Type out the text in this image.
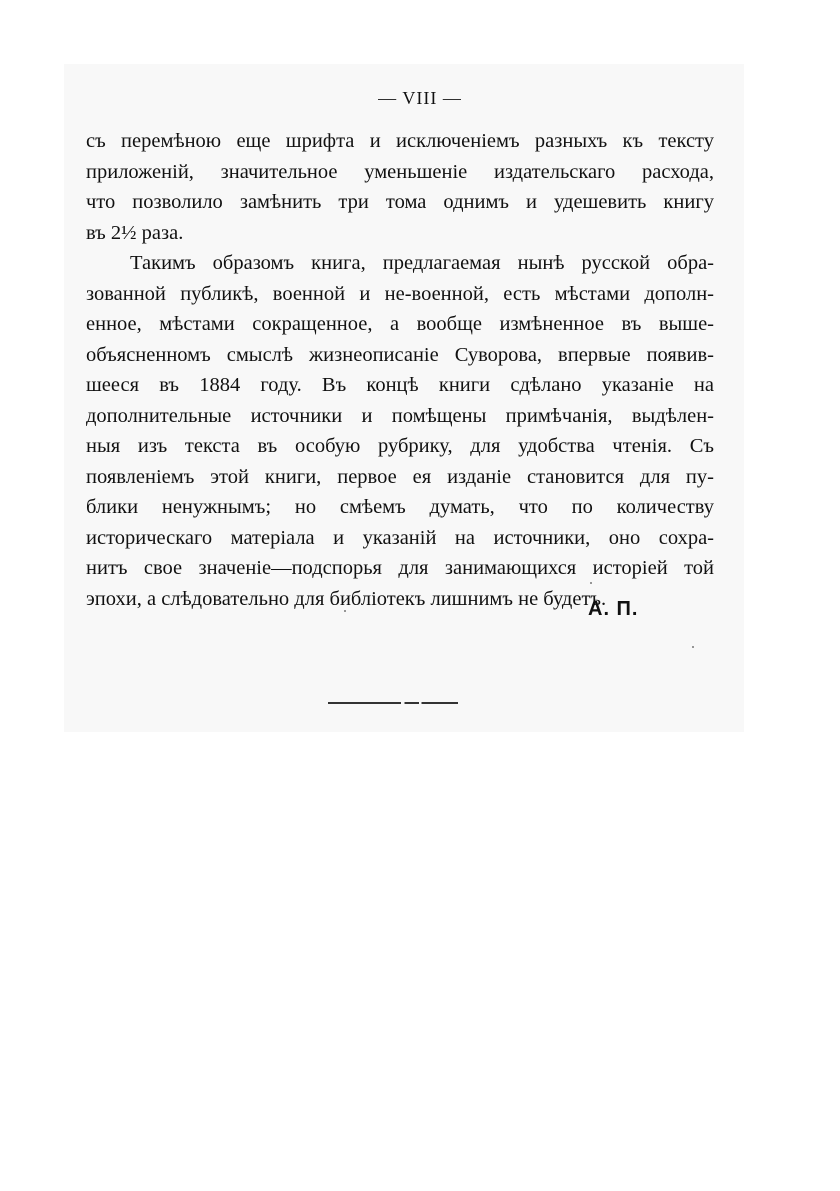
— VIII —
съ перемѣною еще шрифта и исключеніемъ разныхъ къ тексту
приложеній, значительное уменьшеніе издательскаго расхода,
что позволило замѣнить три тома однимъ и удешевить книгу
въ 2½ раза.
Такимъ образомъ книга, предлагаемая нынѣ русской обра-
зованной публикѣ, военной и не-военной, есть мѣстами дополн-
енное, мѣстами сокращенное, а вообще измѣненное въ выше-
объясненномъ смыслѣ жизнеописаніе Суворова, впервые появив-
шееся въ 1884 году. Въ концѣ книги сдѣлано указаніе на
дополнительные источники и помѣщены примѣчанія, выдѣлен-
ныя изъ текста въ особую рубрику, для удобства чтенія. Съ
появленіемъ этой книги, первое ея изданіе становится для пу-
блики ненужнымъ; но смѣемъ думать, что по количеству
историческаго матеріала и указаній на источники, оно сохра-
нитъ свое значеніе—подспорья для занимающихся исторіей той
эпохи, а слѣдовательно для библіотекъ лишнимъ не будетъ.
А. П.
